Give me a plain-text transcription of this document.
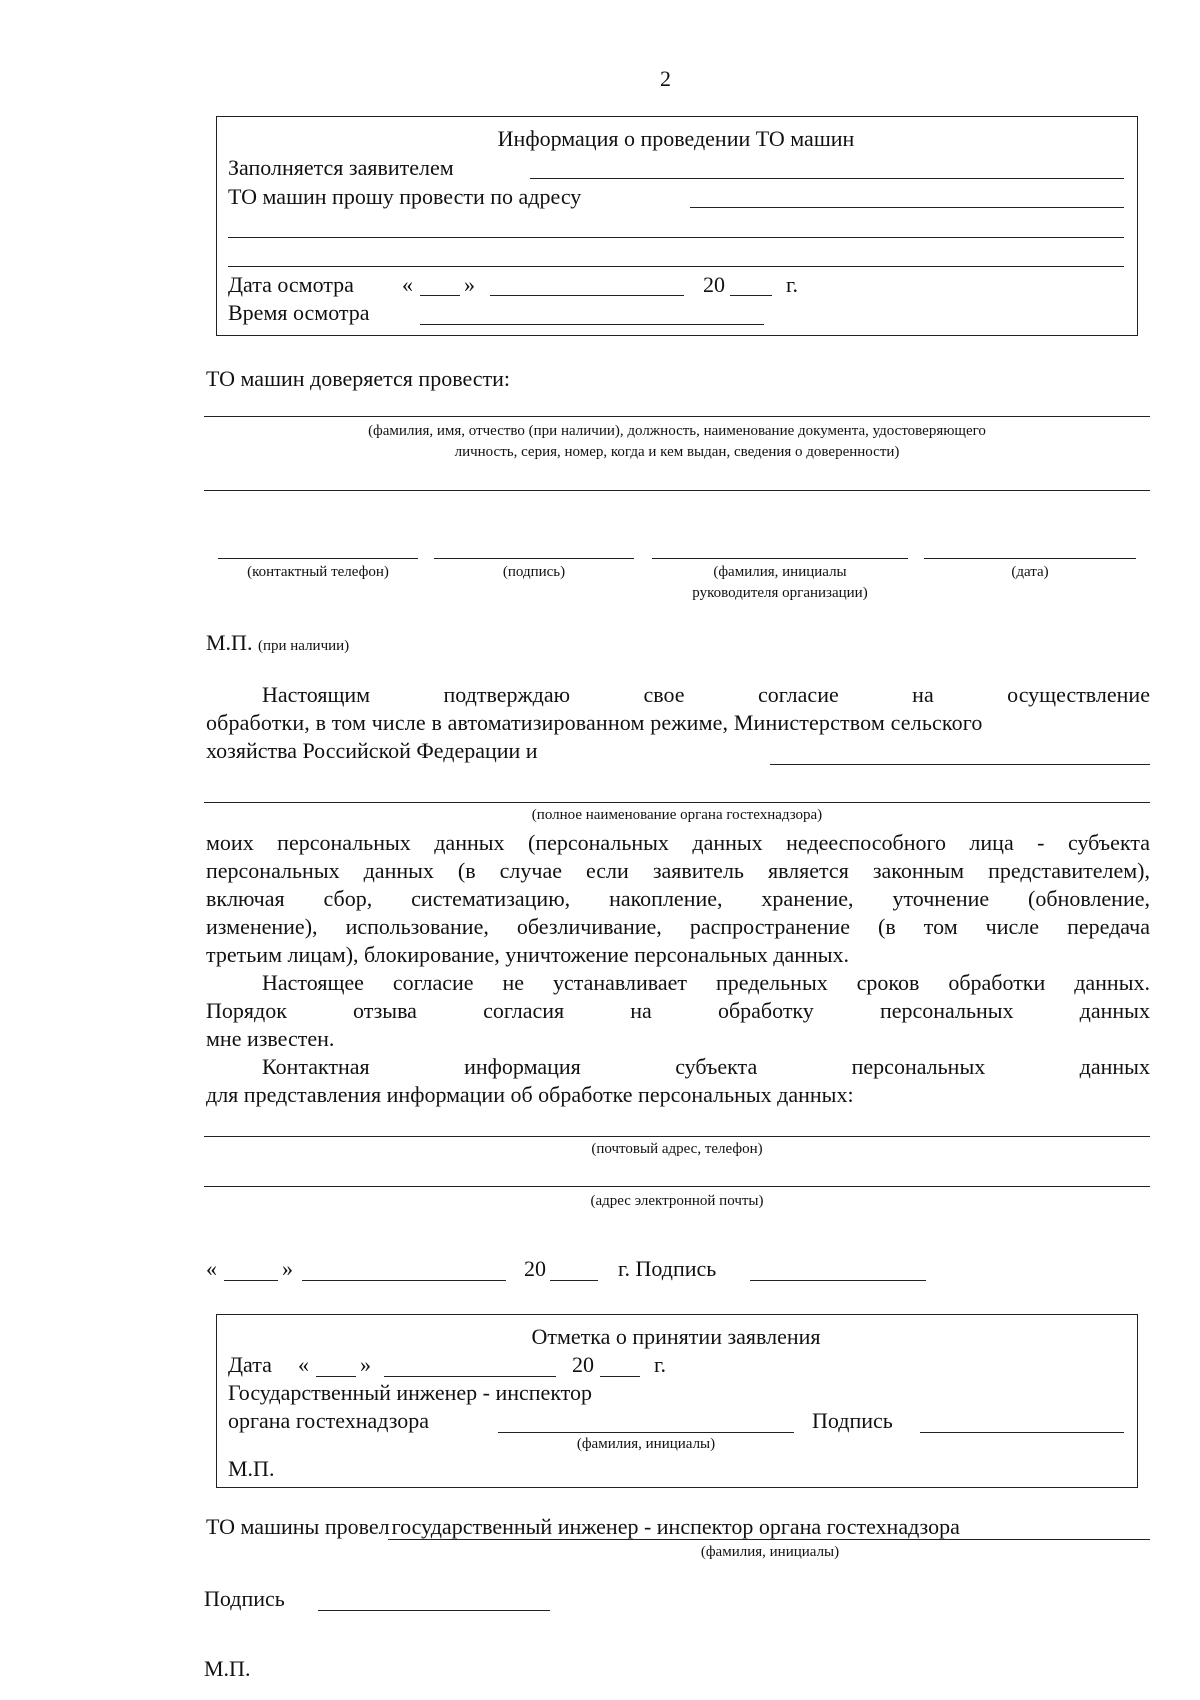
2
Информация о проведении ТО машин
Заполняется заявителем
ТО машин прошу провести по адресу
Дата осмотра « »	20	г.
Время осмотра
ТО машин доверяется провести:
(фамилия, имя, отчество (при наличии), должность, наименование документа, удостоверяющего
личность, серия, номер, когда и кем выдан, сведения о доверенности)
(контактный телефон)	(подпись)	(фамилия, инициалы
руководителя организации)
(дата)
М.П. (при наличии)
Настоящим	подтверждаю	свое	согласие	на	осуществление
обработки, в том числе в автоматизированном режиме, Министерством сельского
хозяйства Российской Федерации и
(полное наименование органа гостехнадзора)
моих персональных данных (персональных данных недееспособного лица - субъекта
персональных данных (в случае если заявитель является законным представителем),
включая сбор, систематизацию, накопление, хранение, уточнение (обновление,
изменение), использование, обезличивание, распространение (в том числе передача
третьим лицам), блокирование, уничтожение персональных данных.
Настоящее согласие не устанавливает предельных сроков обработки данных.
Порядок	отзыва	согласия	на	обработку	персональных	данных
мне известен.
Контактная	информация	субъекта	персональных	данных
для представления информации об обработке персональных данных:
(почтовый адрес, телефон)
(адрес электронной почты)
«	»	20	г. Подпись
Отметка о принятии заявления
Дата « »	20	г.
Государственный инженер - инспектор
органа гостехнадзора
(фамилия, инициалы)
Подпись
М.П.
ТО машины провелгосударственный инженер - инспектор органа гостехнадзора
(фамилия, инициалы)
Подпись
М.П.
